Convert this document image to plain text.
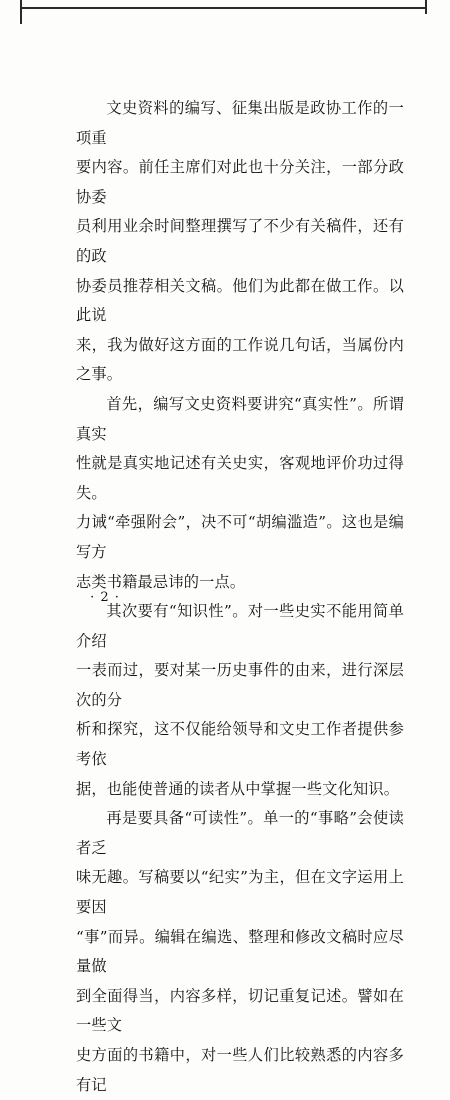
文史资料的编写、征集出版是政协工作的一项重
要内容。前任主席们对此也十分关注，一部分政协委
员利用业余时间整理撰写了不少有关稿件，还有的政
协委员推荐相关文稿。他们为此都在做工作。以此说
来，我为做好这方面的工作说几句话，当属份内之事。

首先，编写文史资料要讲究“真实性”。所谓真实
性就是真实地记述有关史实，客观地评价功过得失。
力诫“牵强附会”，决不可“胡编滥造”。这也是编写方
志类书籍最忌讳的一点。

其次要有“知识性”。对一些史实不能用简单介绍
一表而过，要对某一历史事件的由来，进行深层次的分
析和探究，这不仅能给领导和文史工作者提供参考依
据，也能使普通的读者从中掌握一些文化知识。

再是要具备“可读性”。单一的“事略”会使读者乏
味无趣。写稿要以“纪实”为主，但在文字运用上要因
“事”而异。编辑在编选、整理和修改文稿时应尽量做
到全面得当，内容多样，切记重复记述。譬如在一些文
史方面的书籍中，对一些人们比较熟悉的内容多有记

· 2 ·
